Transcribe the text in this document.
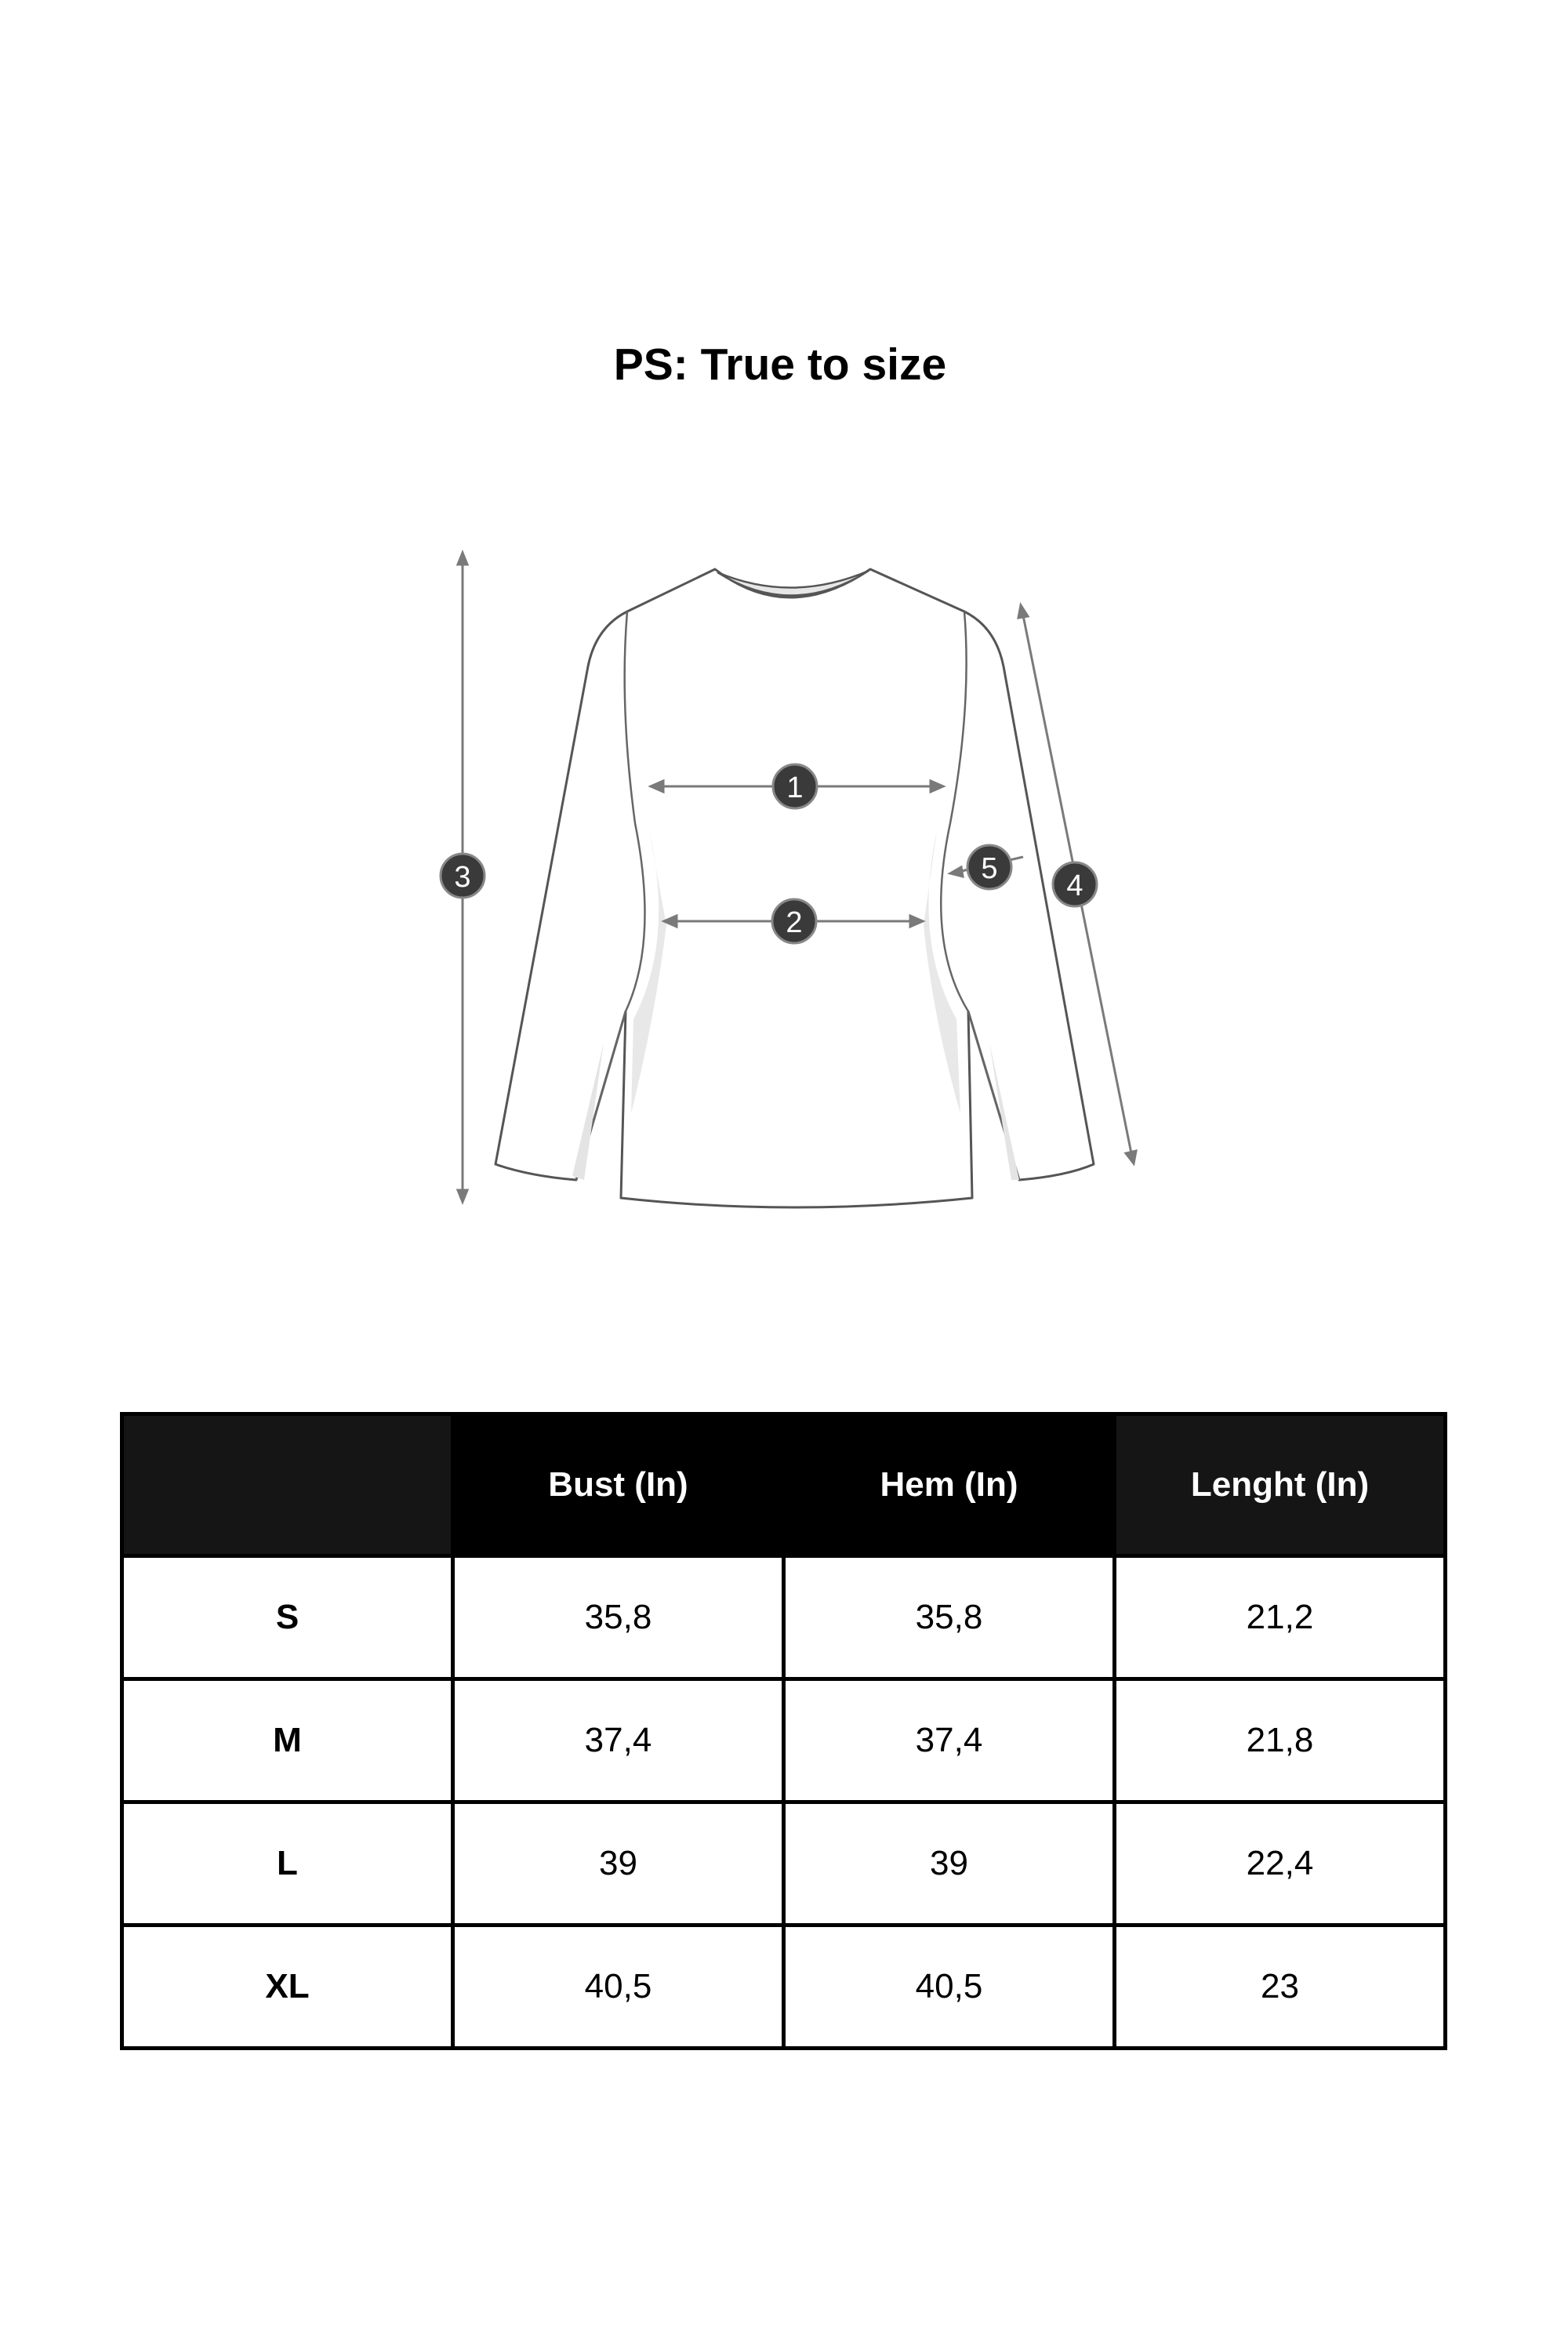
PS: True to size
1
2
3	4
5
	Bust (In)	Hem (In)	Lenght (In)
S	35,8	35,8	21,2
M	37,4	37,4	21,8
L	39	39	22,4
XL	40,5	40,5	23
